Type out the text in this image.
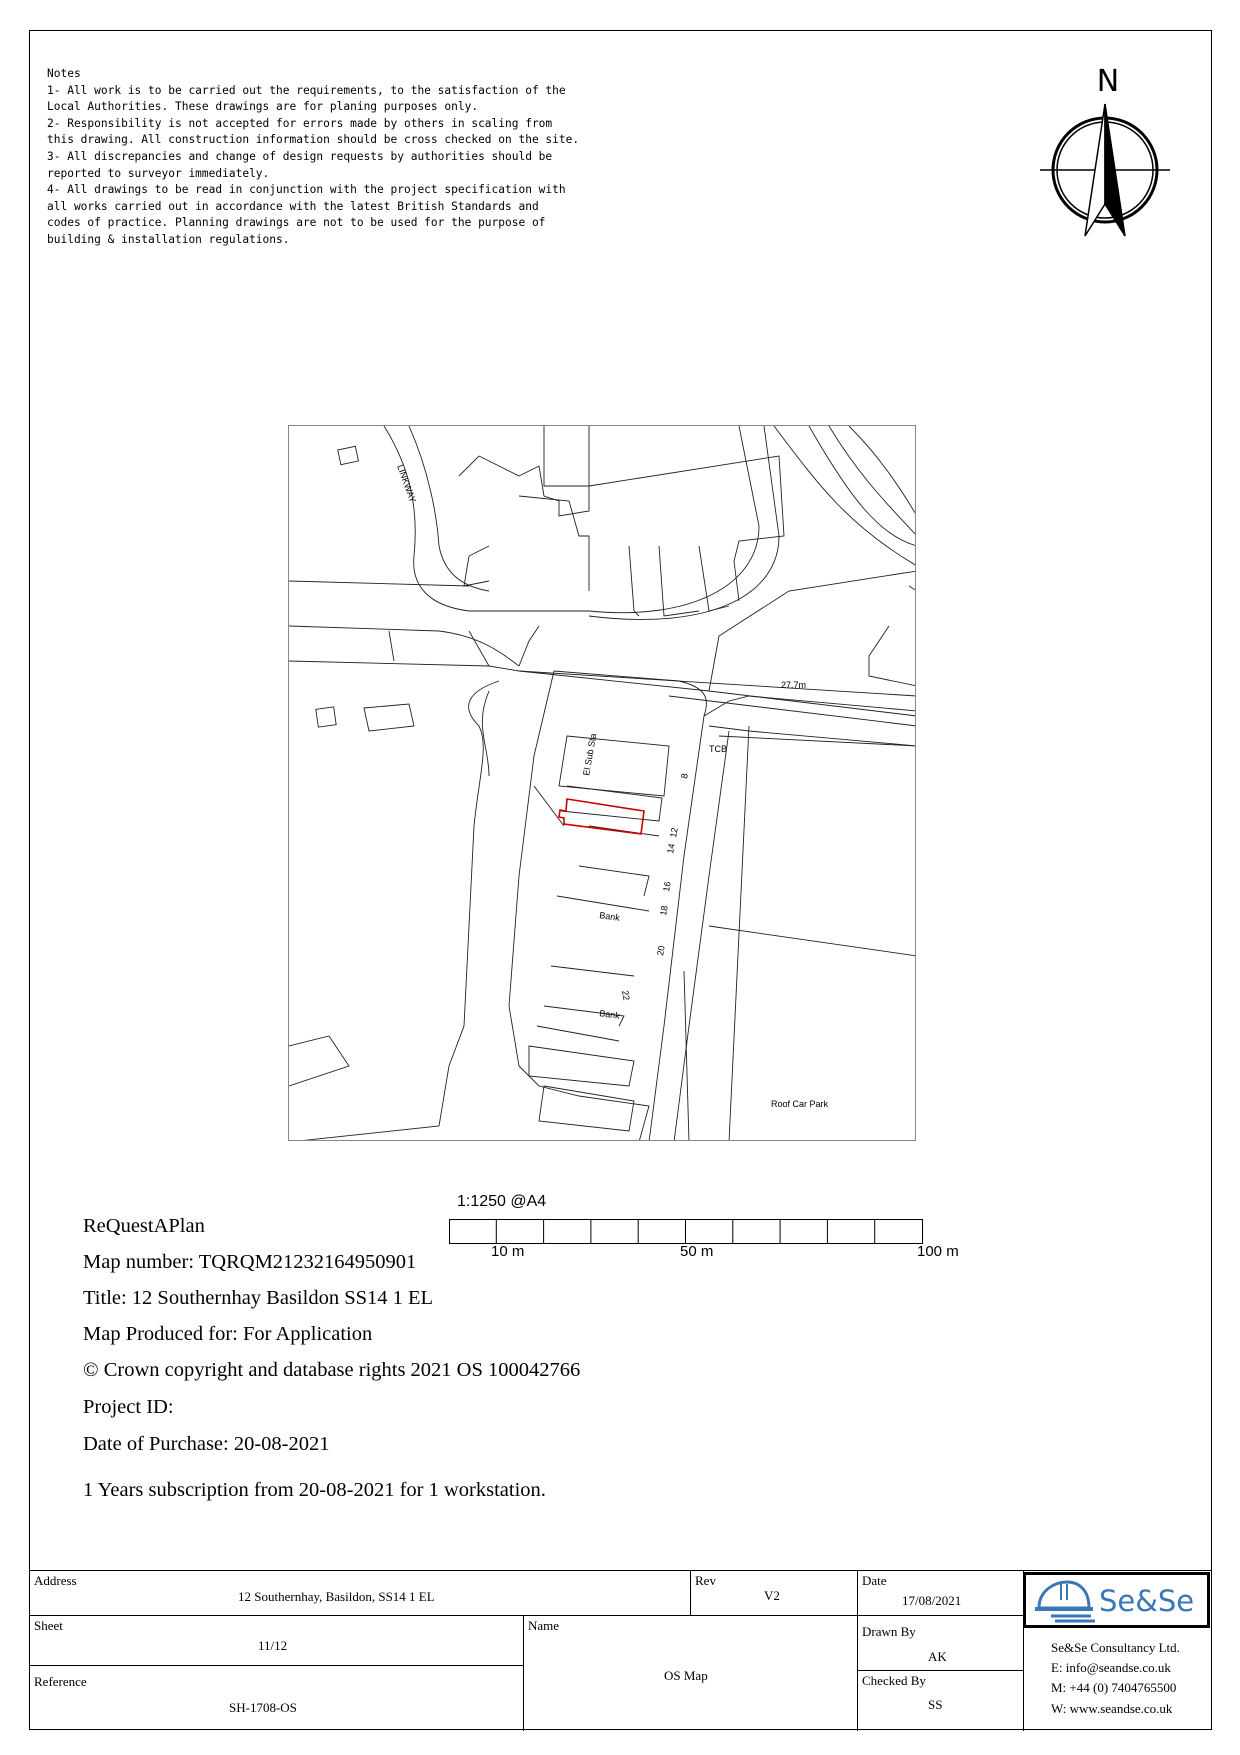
Notes
1- All work is to be carried out the requirements, to the satisfaction of the
Local Authorities. These drawings are for planing purposes only.
2- Responsibility is not accepted for errors made by others in scaling from
this drawing. All construction information should be cross checked on the site.
3- All discrepancies and change of design requests by authorities should be
reported to surveyor immediately.
4- All drawings to be read in conjunction with the project specification with
all works carried out in accordance with the latest British Standards and
codes of practice. Planning drawings are not to be used for the purpose of
building & installation regulations.
N
LINKWAY
27.7m
TCB
El Sub Sta	8
12
14
16
18
20
22
Bank
Bank
Roof Car Park
1:1250 @A4
10 m	50 m	100 m
ReQuestAPlan
Map number: TQRQM21232164950901
Title: 12 Southernhay Basildon SS14 1 EL
Map Produced for: For Application
© Crown copyright and database rights 2021 OS 100042766
Project ID:
Date of Purchase: 20-08-2021
1 Years subscription from 20-08-2021 for 1 workstation.
Address
12 Southernhay, Basildon, SS14 1 EL
Rev
V2
Date
17/08/2021
Sheet
11/12
Name
OS Map
Drawn By
AK
Reference
SH-1708-OS
Checked By
SS
Se&Se
Se&Se Consultancy Ltd.
E: info@seandse.co.uk
M: +44 (0) 7404765500
W: www.seandse.co.uk
